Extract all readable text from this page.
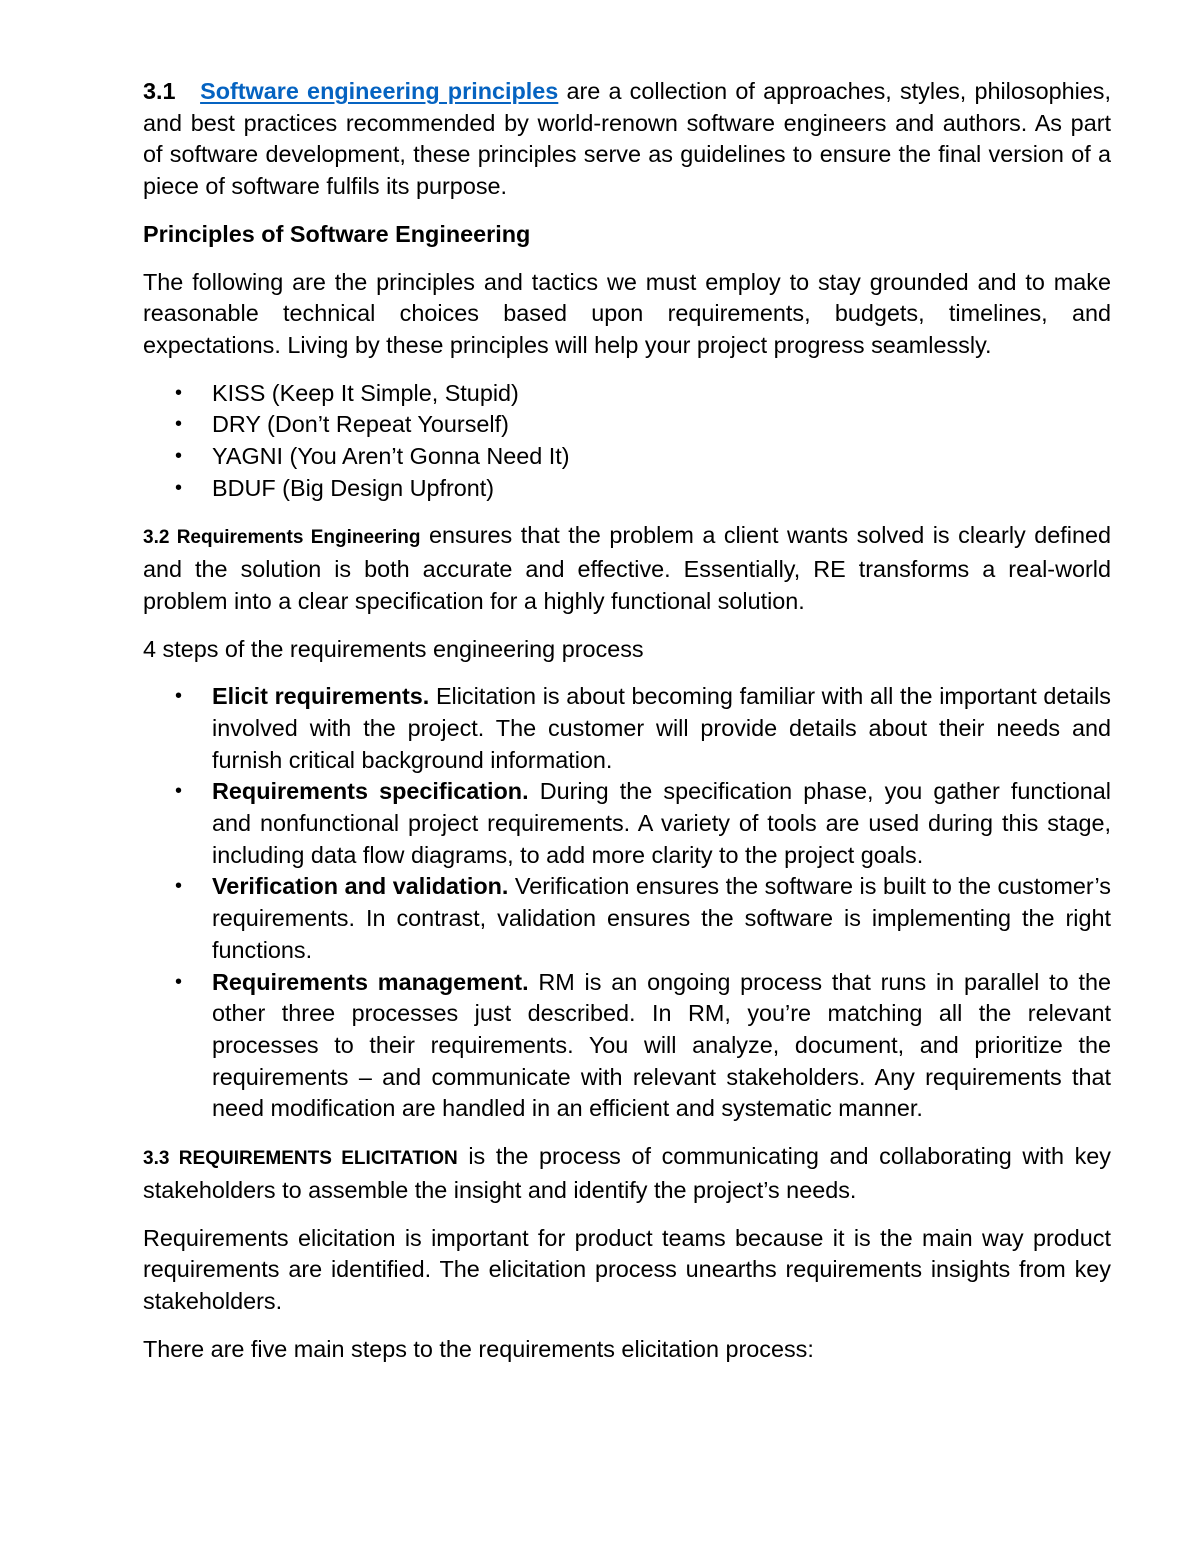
3.1 Software engineering principles are a collection of approaches, styles, philosophies, and best practices recommended by world-renown software engineers and authors. As part of software development, these principles serve as guidelines to ensure the final version of a piece of software fulfils its purpose.

Principles of Software Engineering

The following are the principles and tactics we must employ to stay grounded and to make reasonable technical choices based upon requirements, budgets, timelines, and expectations. Living by these principles will help your project progress seamlessly.

• KISS (Keep It Simple, Stupid)
• DRY (Don’t Repeat Yourself)
• YAGNI (You Aren’t Gonna Need It)
• BDUF (Big Design Upfront)

3.2 Requirements Engineering ensures that the problem a client wants solved is clearly defined and the solution is both accurate and effective. Essentially, RE transforms a real-world problem into a clear specification for a highly functional solution.

4 steps of the requirements engineering process

• Elicit requirements. Elicitation is about becoming familiar with all the important details involved with the project. The customer will provide details about their needs and furnish critical background information.
• Requirements specification. During the specification phase, you gather functional and nonfunctional project requirements. A variety of tools are used during this stage, including data flow diagrams, to add more clarity to the project goals.
• Verification and validation. Verification ensures the software is built to the customer’s requirements. In contrast, validation ensures the software is implementing the right functions.
• Requirements management. RM is an ongoing process that runs in parallel to the other three processes just described. In RM, you’re matching all the relevant processes to their requirements. You will analyze, document, and prioritize the requirements – and communicate with relevant stakeholders. Any requirements that need modification are handled in an efficient and systematic manner.

3.3 REQUIREMENTS ELICITATION is the process of communicating and collaborating with key stakeholders to assemble the insight and identify the project’s needs.

Requirements elicitation is important for product teams because it is the main way product requirements are identified. The elicitation process unearths requirements insights from key stakeholders.

There are five main steps to the requirements elicitation process:
